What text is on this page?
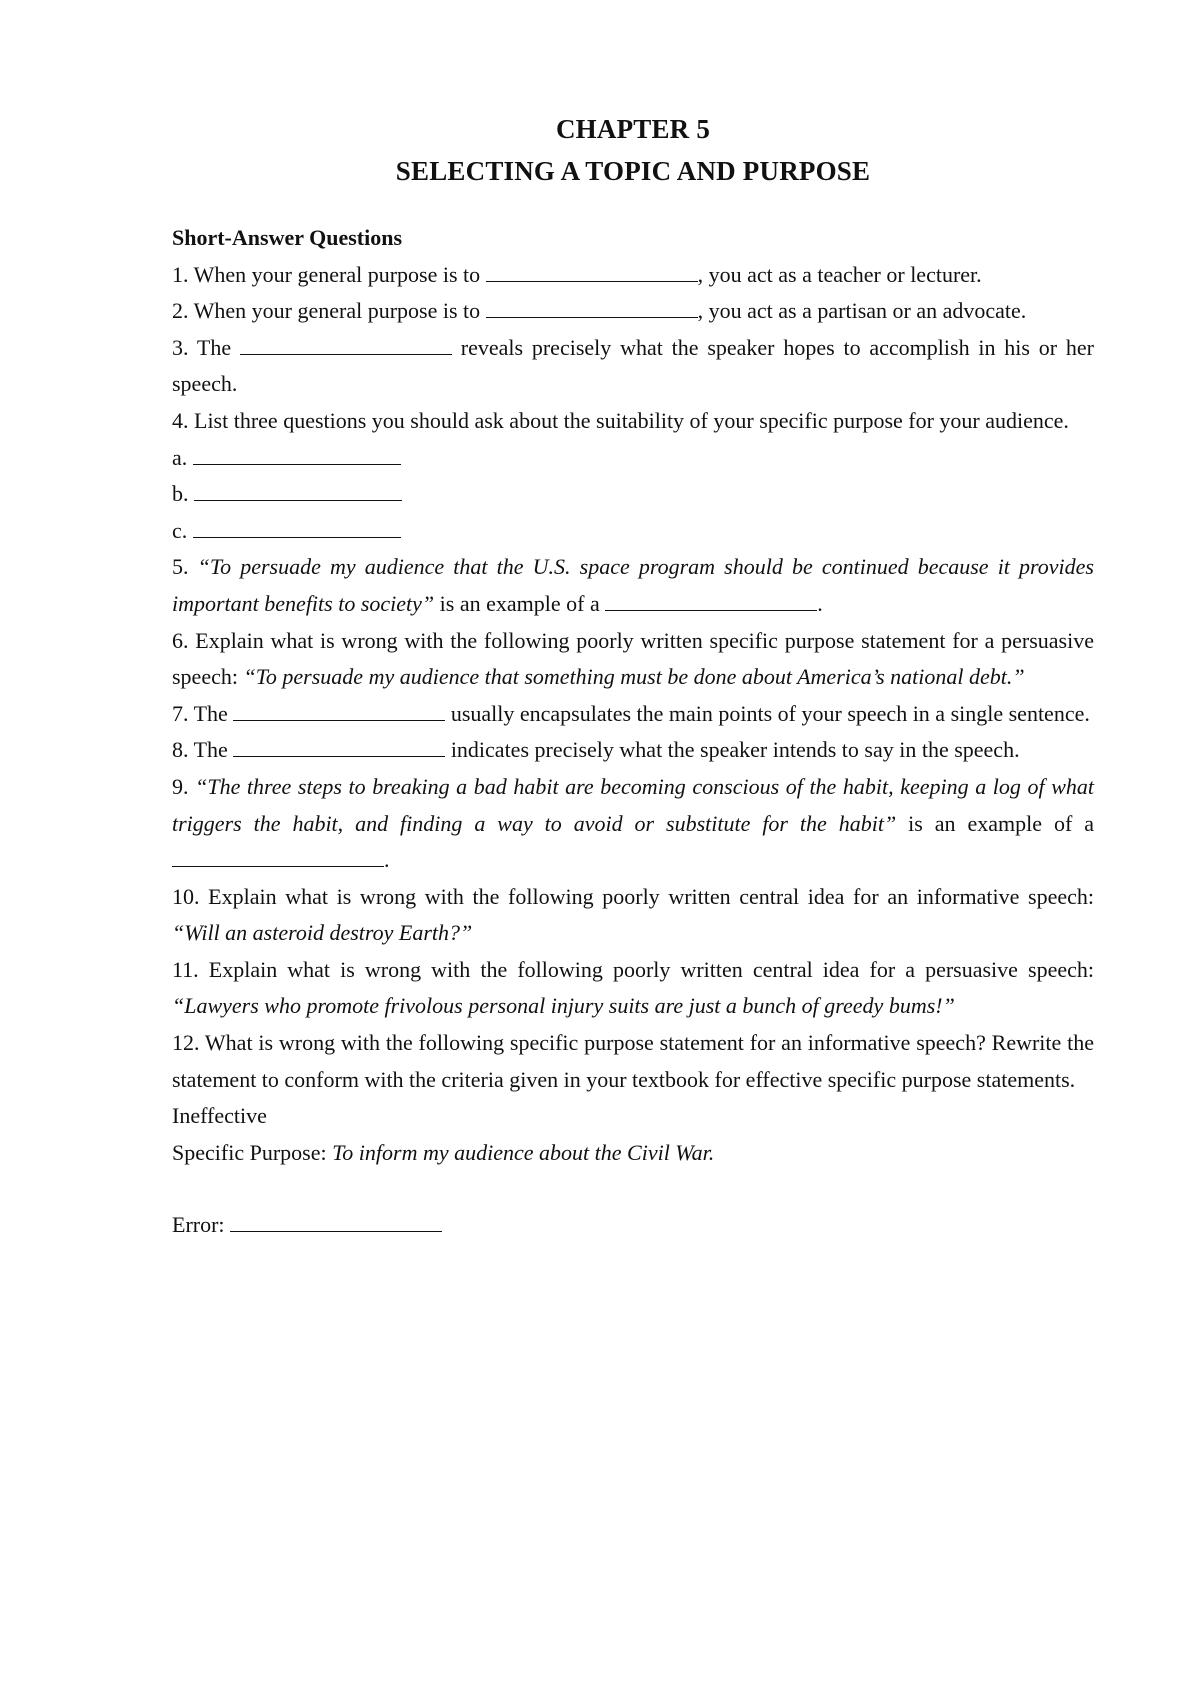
CHAPTER 5
SELECTING A TOPIC AND PURPOSE
Short-Answer Questions

1. When your general purpose is to	, you act as a teacher or lecturer.

2. When your general purpose is to	, you act as a partisan or an advocate.

3. The	reveals precisely what the speaker hopes to accomplish in his or her speech.

4. List three questions you should ask about the suitability of your specific purpose for your audience.

a.

b.

c.

5. “To persuade my audience that the U.S. space program should be continued because it provides important benefits to society” is an example of a	.

6. Explain what is wrong with the following poorly written specific purpose statement for a persuasive speech: “To persuade my audience that something must be done about America’s national debt.”

7. The	usually encapsulates the main points of your speech in a single sentence.

8. The	indicates precisely what the speaker intends to say in the speech.

9. “The three steps to breaking a bad habit are becoming conscious of the habit, keeping a log of what triggers the habit, and finding a way to avoid or substitute for the habit” is an example of a .

10. Explain what is wrong with the following poorly written central idea for an informative speech: “Will an asteroid destroy Earth?”

11. Explain what is wrong with the following poorly written central idea for a persuasive speech: “Lawyers who promote frivolous personal injury suits are just a bunch of greedy bums!”

12. What is wrong with the following specific purpose statement for an informative speech? Rewrite the statement to conform with the criteria given in your textbook for effective specific purpose statements.

Ineffective

Specific Purpose: To inform my audience about the Civil War.

Error:
